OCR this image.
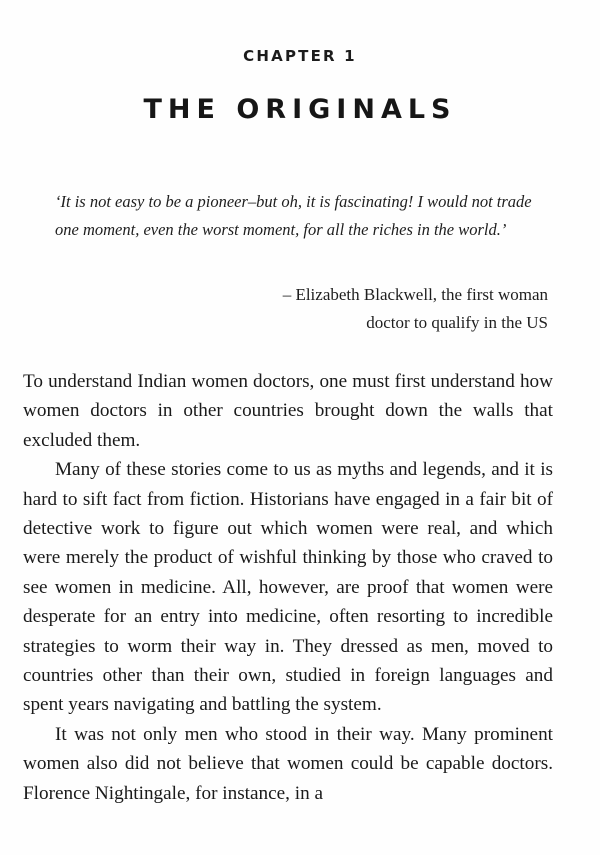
CHAPTER 1
THE ORIGINALS

‘It is not easy to be a pioneer–but oh, it is fascinating! I would not trade one moment, even the worst moment, for all the riches in the world.’

– Elizabeth Blackwell, the first woman
doctor to qualify in the US

To understand Indian women doctors, one must first understand how women doctors in other countries brought down the walls that excluded them.

Many of these stories come to us as myths and legends, and it is hard to sift fact from fiction. Historians have engaged in a fair bit of detective work to figure out which women were real, and which were merely the product of wishful thinking by those who craved to see women in medicine. All, however, are proof that women were desperate for an entry into medicine, often resorting to incredible strategies to worm their way in. They dressed as men, moved to countries other than their own, studied in foreign languages and spent years navigating and battling the system.

It was not only men who stood in their way. Many prominent women also did not believe that women could be capable doctors. Florence Nightingale, for instance, in a
